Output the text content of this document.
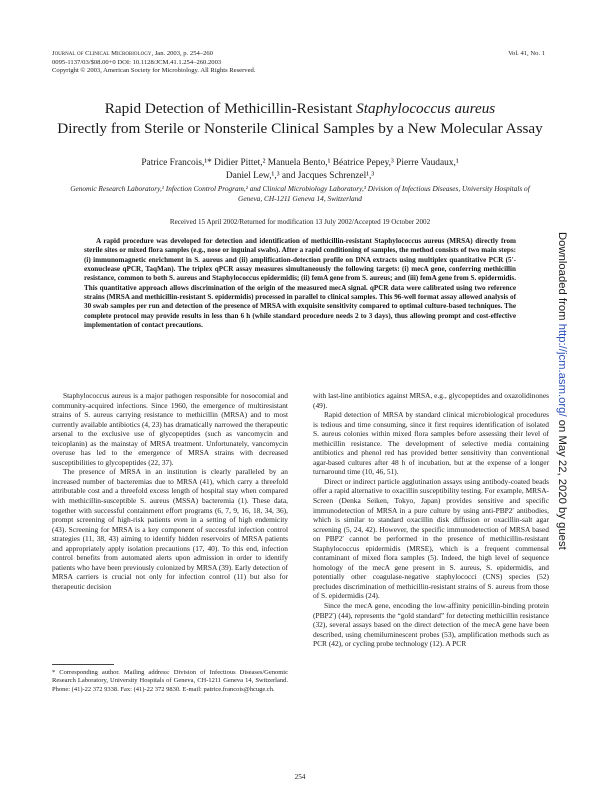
Journal of Clinical Microbiology, Jan. 2003, p. 254–260
0095-1137/03/$08.00+0 DOI: 10.1128/JCM.41.1.254–260.2003
Copyright © 2003, American Society for Microbiology. All Rights Reserved.
Vol. 41, No. 1
Rapid Detection of Methicillin-Resistant Staphylococcus aureus
Directly from Sterile or Nonsterile Clinical Samples by a New Molecular Assay
Patrice Francois,¹* Didier Pittet,² Manuela Bento,¹ Béatrice Pepey,³ Pierre Vaudaux,¹
Daniel Lew,¹,³ and Jacques Schrenzel¹,³
Genomic Research Laboratory,¹ Infection Control Program,² and Clinical Microbiology Laboratory,³ Division of Infectious Diseases, University Hospitals of Geneva, CH-1211 Geneva 14, Switzerland
Received 15 April 2002/Returned for modification 13 July 2002/Accepted 19 October 2002

A rapid procedure was developed for detection and identification of methicillin-resistant Staphylococcus aureus (MRSA) directly from sterile sites or mixed flora samples (e.g., nose or inguinal swabs). After a rapid conditioning of samples, the method consists of two main steps: (i) immunomagnetic enrichment in S. aureus and (ii) amplification-detection profile on DNA extracts using multiplex quantitative PCR (5′-exonuclease qPCR, TaqMan). The triplex qPCR assay measures simultaneously the following targets: (i) mecA gene, conferring methicillin resistance, common to both S. aureus and Staphylococcus epidermidis; (ii) femA gene from S. aureus; and (iii) femA gene from S. epidermidis. This quantitative approach allows discrimination of the origin of the measured mecA signal. qPCR data were calibrated using two reference strains (MRSA and methicillin-resistant S. epidermidis) processed in parallel to clinical samples. This 96-well format assay allowed analysis of 30 swab samples per run and detection of the presence of MRSA with exquisite sensitivity compared to optimal culture-based techniques. The complete protocol may provide results in less than 6 h (while standard procedure needs 2 to 3 days), thus allowing prompt and cost-effective implementation of contact precautions.

Staphylococcus aureus is a major pathogen responsible for nosocomial and community-acquired infections. Since 1960, the emergence of multiresistant strains of S. aureus carrying resistance to methicillin (MRSA) and to most currently available antibiotics (4, 23) has dramatically narrowed the therapeutic arsenal to the exclusive use of glycopeptides (such as vancomycin and teicoplanin) as the mainstay of MRSA treatment. Unfortunately, vancomycin overuse has led to the emergence of MRSA strains with decreased susceptibilities to glycopeptides (22, 37).

The presence of MRSA in an institution is clearly paralleled by an increased number of bacteremias due to MRSA (41), which carry a threefold attributable cost and a threefold excess length of hospital stay when compared with methicillin-susceptible S. aureus (MSSA) bacteremia (1). These data, together with successful containment effort programs (6, 7, 9, 16, 18, 34, 36), prompt screening of high-risk patients even in a setting of high endemicity (43). Screening for MRSA is a key component of successful infection control strategies (11, 38, 43) aiming to identify hidden reservoirs of MRSA patients and appropriately apply isolation precautions (17, 40). To this end, infection control benefits from automated alerts upon admission in order to identify patients who have been previously colonized by MRSA (39). Early detection of MRSA carriers is crucial not only for infection control (11) but also for therapeutic decision

* Corresponding author. Mailing address: Division of Infectious Diseases/Genomic Research Laboratory, University Hospitals of Geneva, CH-1211 Geneva 14, Switzerland. Phone: (41)-22 372 9338. Fax: (41)-22 372 9830. E-mail: patrice.francois@hcuge.ch.

with last-line antibiotics against MRSA, e.g., glycopeptides and oxazolidinones (49).

Rapid detection of MRSA by standard clinical microbiological procedures is tedious and time consuming, since it first requires identification of isolated S. aureus colonies within mixed flora samples before assessing their level of methicillin resistance. The development of selective media containing antibiotics and phenol red has provided better sensitivity than conventional agar-based cultures after 48 h of incubation, but at the expense of a longer turnaround time (10, 46, 51).

Direct or indirect particle agglutination assays using antibody-coated beads offer a rapid alternative to oxacillin susceptibility testing. For example, MRSA-Screen (Denka Seiken, Tokyo, Japan) provides sensitive and specific immunodetection of MRSA in a pure culture by using anti-PBP2′ antibodies, which is similar to standard oxacillin disk diffusion or oxacillin-salt agar screening (5, 24, 42). However, the specific immunodetection of MRSA based on PBP2′ cannot be performed in the presence of methicillin-resistant Staphylococcus epidermidis (MRSE), which is a frequent commensal contaminant of mixed flora samples (5). Indeed, the high level of sequence homology of the mecA gene present in S. aureus, S. epidermidis, and potentially other coagulase-negative staphylococci (CNS) species (52) precludes discrimination of methicillin-resistant strains of S. aureus from those of S. epidermidis (24).

Since the mecA gene, encoding the low-affinity penicillin-binding protein (PBP2′) (44), represents the “gold standard” for detecting methicillin resistance (32), several assays based on the direct detection of the mecA gene have been described, using chemiluminescent probes (53), amplification methods such as PCR (42), or cycling probe technology (12). A PCR

254
Downloaded from http://jcm.asm.org/ on May 22, 2020 by guest
